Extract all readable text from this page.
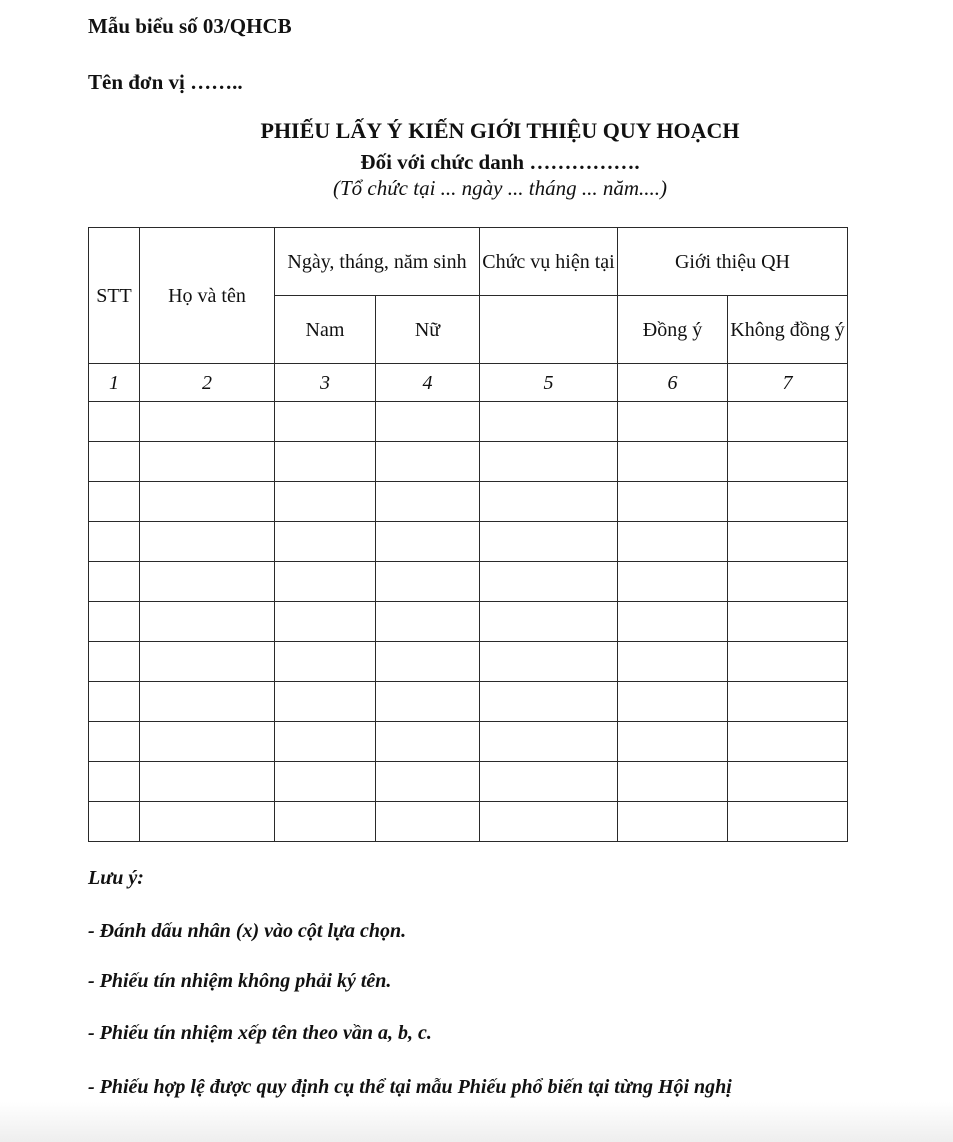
Mẫu biểu số 03/QHCB
Tên đơn vị ……..
PHIẾU LẤY Ý KIẾN GIỚI THIỆU QUY HOẠCH
Đối với chức danh …………….
(Tổ chức tại ... ngày ... tháng ... năm....)
STT	Họ và tên	Ngày, tháng, năm sinh		Chức vụ hiện tại	Giới thiệu QH	
		Nam	Nữ		Đồng ý	Không đồng ý
1	2	3	4	5	6	7

Lưu ý:
- Đánh dấu nhân (x) vào cột lựa chọn.
- Phiếu tín nhiệm không phải ký tên.
- Phiếu tín nhiệm xếp tên theo vần a, b, c.
- Phiếu hợp lệ được quy định cụ thể tại mẫu Phiếu phổ biến tại từng Hội nghị
